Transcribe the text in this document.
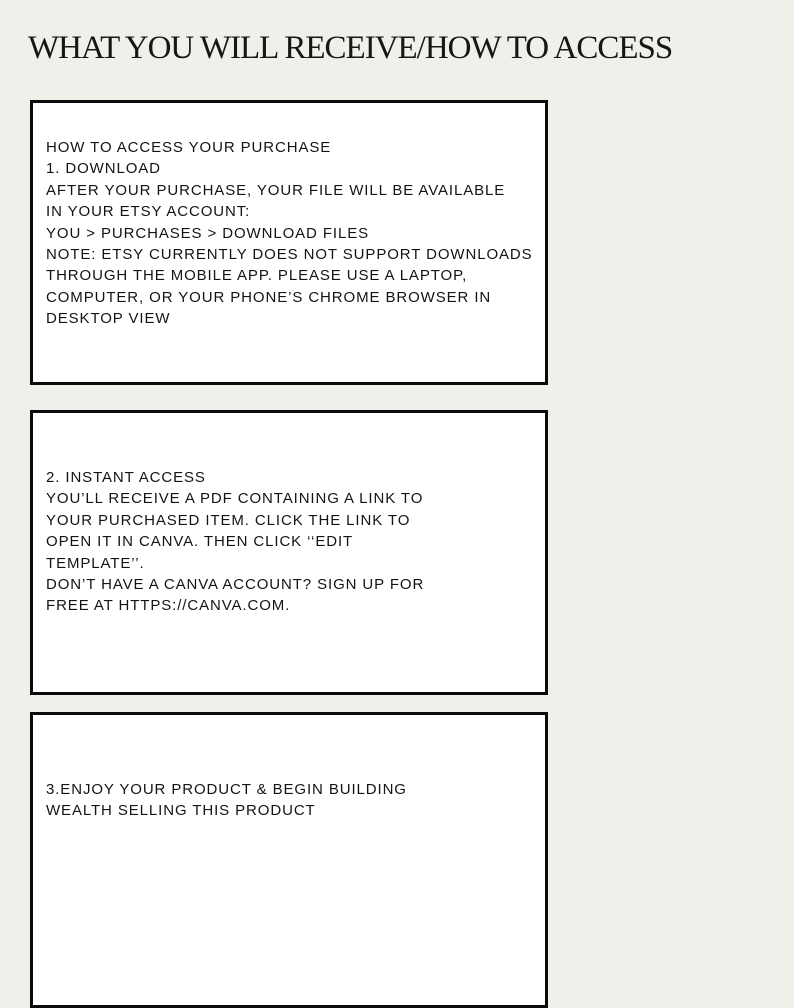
WHAT YOU WILL RECEIVE/HOW TO ACCESS
HOW TO ACCESS YOUR PURCHASE
1. DOWNLOAD
AFTER YOUR PURCHASE, YOUR FILE WILL BE AVAILABLE
IN YOUR ETSY ACCOUNT:
YOU > PURCHASES > DOWNLOAD FILES
NOTE: ETSY CURRENTLY DOES NOT SUPPORT DOWNLOADS
THROUGH THE MOBILE APP. PLEASE USE A LAPTOP,
COMPUTER, OR YOUR PHONE’S CHROME BROWSER IN
DESKTOP VIEW
2. INSTANT ACCESS
YOU’LL RECEIVE A PDF CONTAINING A LINK TO
YOUR PURCHASED ITEM. CLICK THE LINK TO
OPEN IT IN CANVA. THEN CLICK ‘‘EDIT
TEMPLATE’’.
DON’T HAVE A CANVA ACCOUNT? SIGN UP FOR
FREE AT HTTPS://CANVA.COM.
3.ENJOY YOUR PRODUCT & BEGIN BUILDING
WEALTH SELLING THIS PRODUCT
